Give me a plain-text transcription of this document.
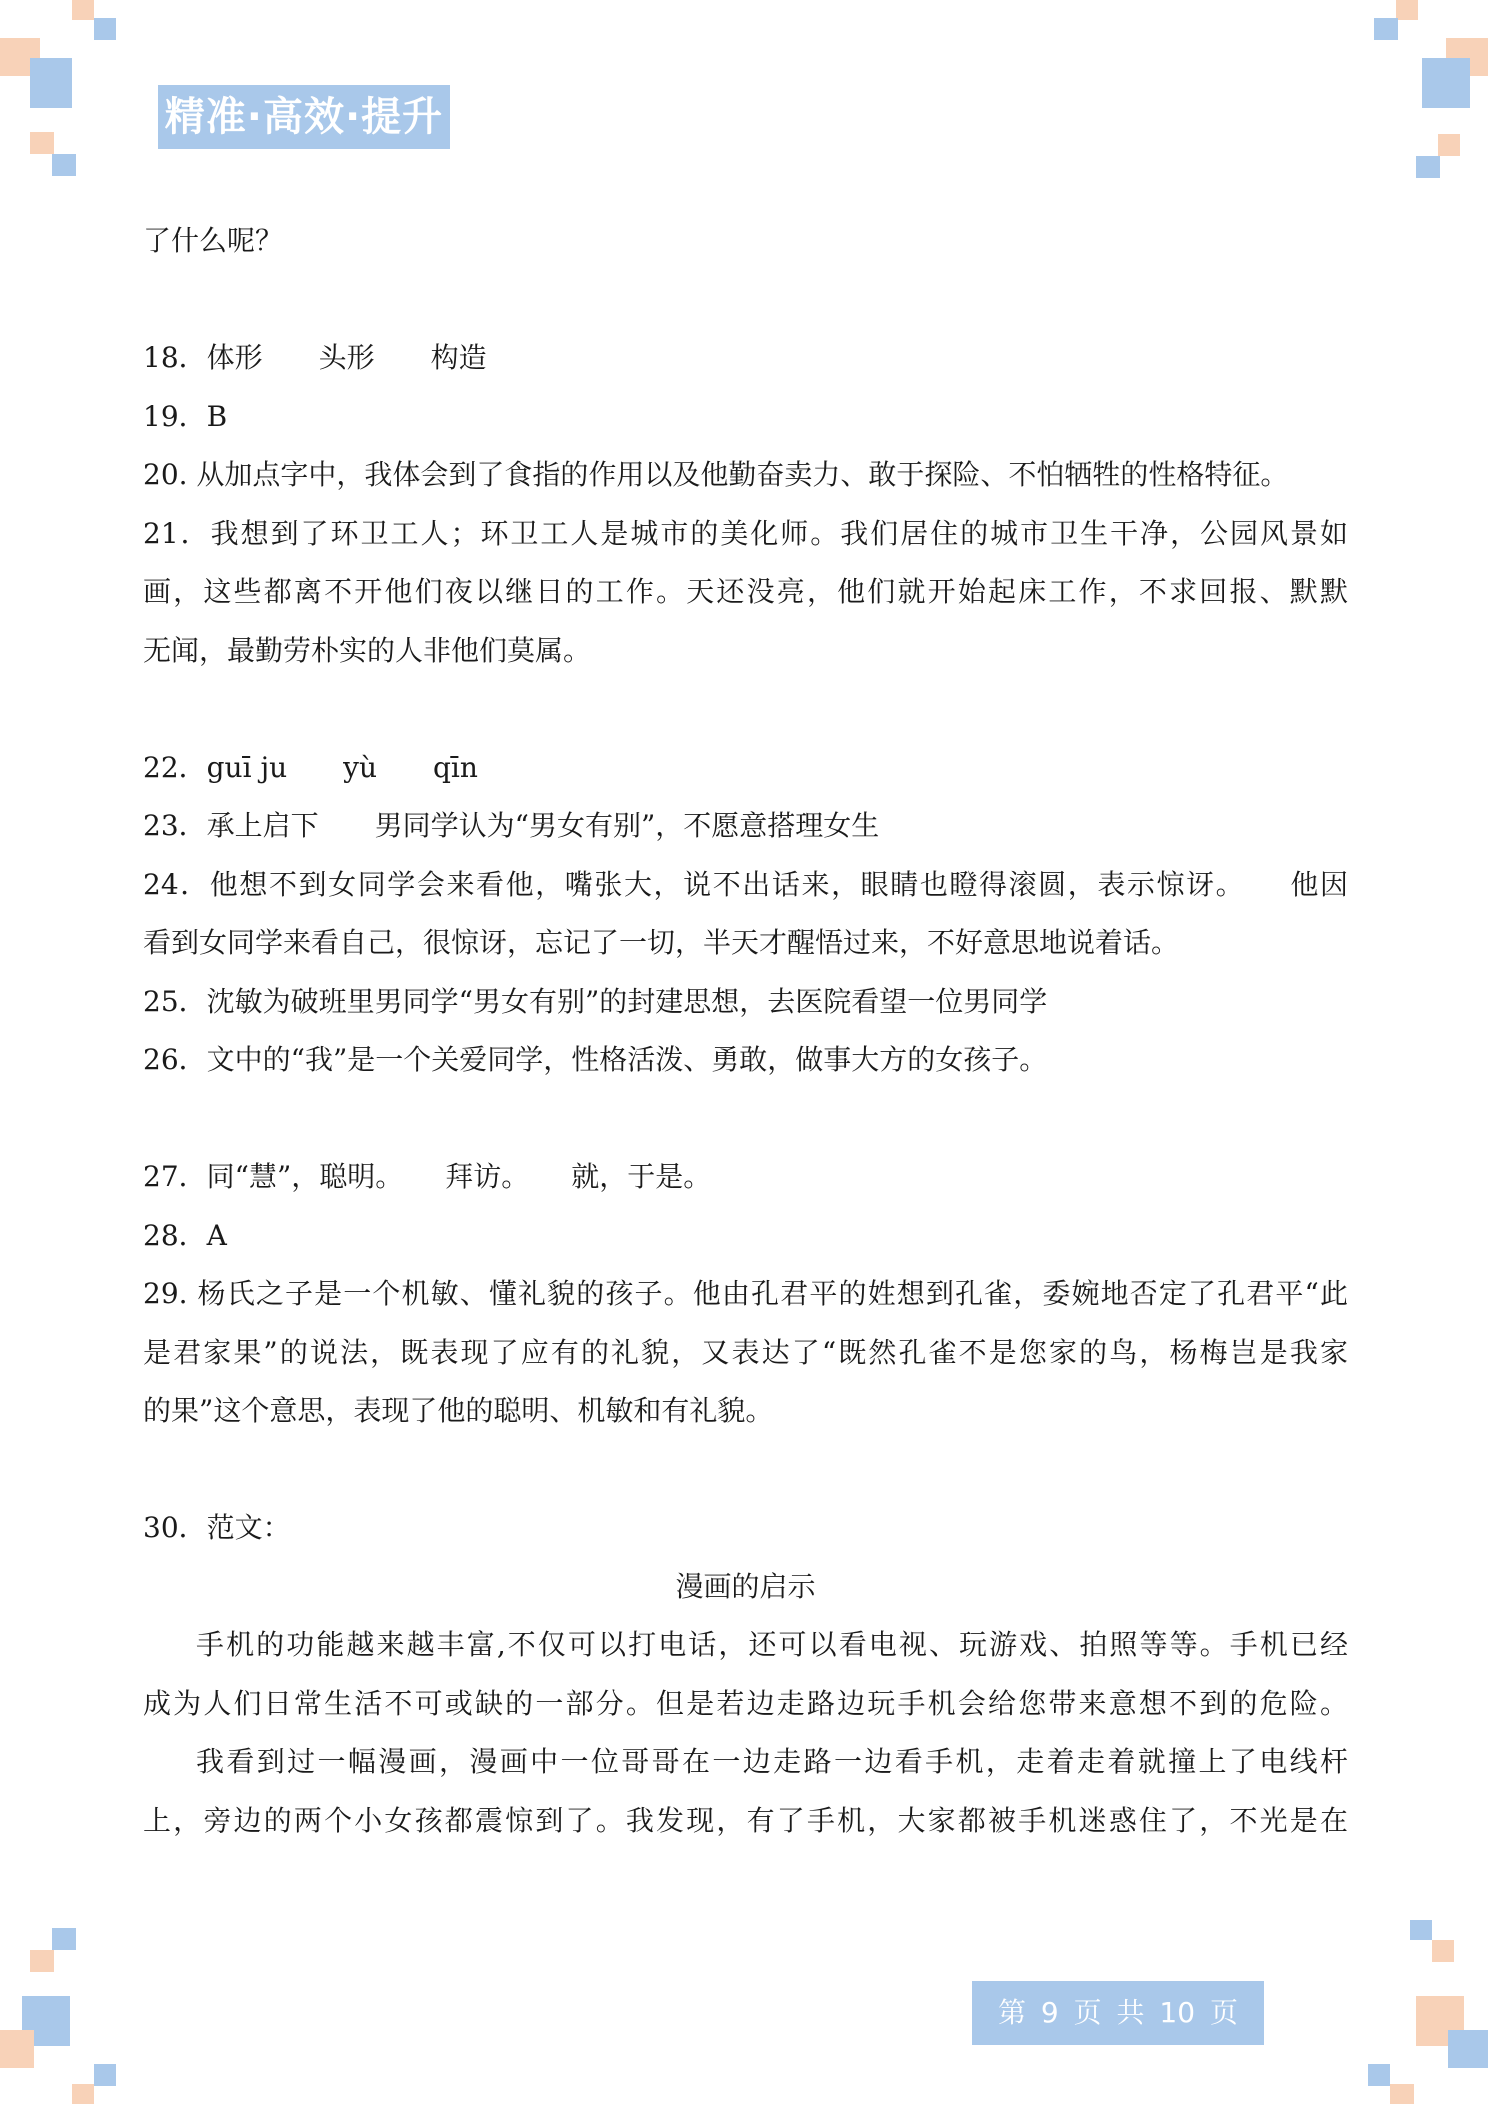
精准·高效·提升
了什么呢？
18．体形　　头形　　构造
19．B
20. 从加点字中，我体会到了食指的作用以及他勤奋卖力、敢于探险、不怕牺牲的性格特征。
21．我想到了环卫工人；环卫工人是城市的美化师。我们居住的城市卫生干净，公园风景如
画，这些都离不开他们夜以继日的工作。天还没亮，他们就开始起床工作，不求回报、默默
无闻，最勤劳朴实的人非他们莫属。
22．guī ju　　yù　　qīn
23．承上启下　　男同学认为“男女有别”，不愿意搭理女生
24．他想不到女同学会来看他，嘴张大，说不出话来，眼睛也瞪得滚圆，表示惊讶。　　他因
看到女同学来看自己，很惊讶，忘记了一切，半天才醒悟过来，不好意思地说着话。
25．沈敏为破班里男同学“男女有别”的封建思想，去医院看望一位男同学
26．文中的“我”是一个关爱同学，性格活泼、勇敢，做事大方的女孩子。
27．同“慧”，聪明。　　拜访。　　就，于是。
28．A
29. 杨氏之子是一个机敏、懂礼貌的孩子。他由孔君平的姓想到孔雀，委婉地否定了孔君平“此
是君家果”的说法，既表现了应有的礼貌，又表达了“既然孔雀不是您家的鸟，杨梅岂是我家
的果”这个意思，表现了他的聪明、机敏和有礼貌。
30．范文：
漫画的启示
手机的功能越来越丰富,不仅可以打电话，还可以看电视、玩游戏、拍照等等。手机已经
成为人们日常生活不可或缺的一部分。但是若边走路边玩手机会给您带来意想不到的危险。
我看到过一幅漫画，漫画中一位哥哥在一边走路一边看手机，走着走着就撞上了电线杆
上，旁边的两个小女孩都震惊到了。我发现，有了手机，大家都被手机迷惑住了，不光是在
第 9 页 共 10 页
